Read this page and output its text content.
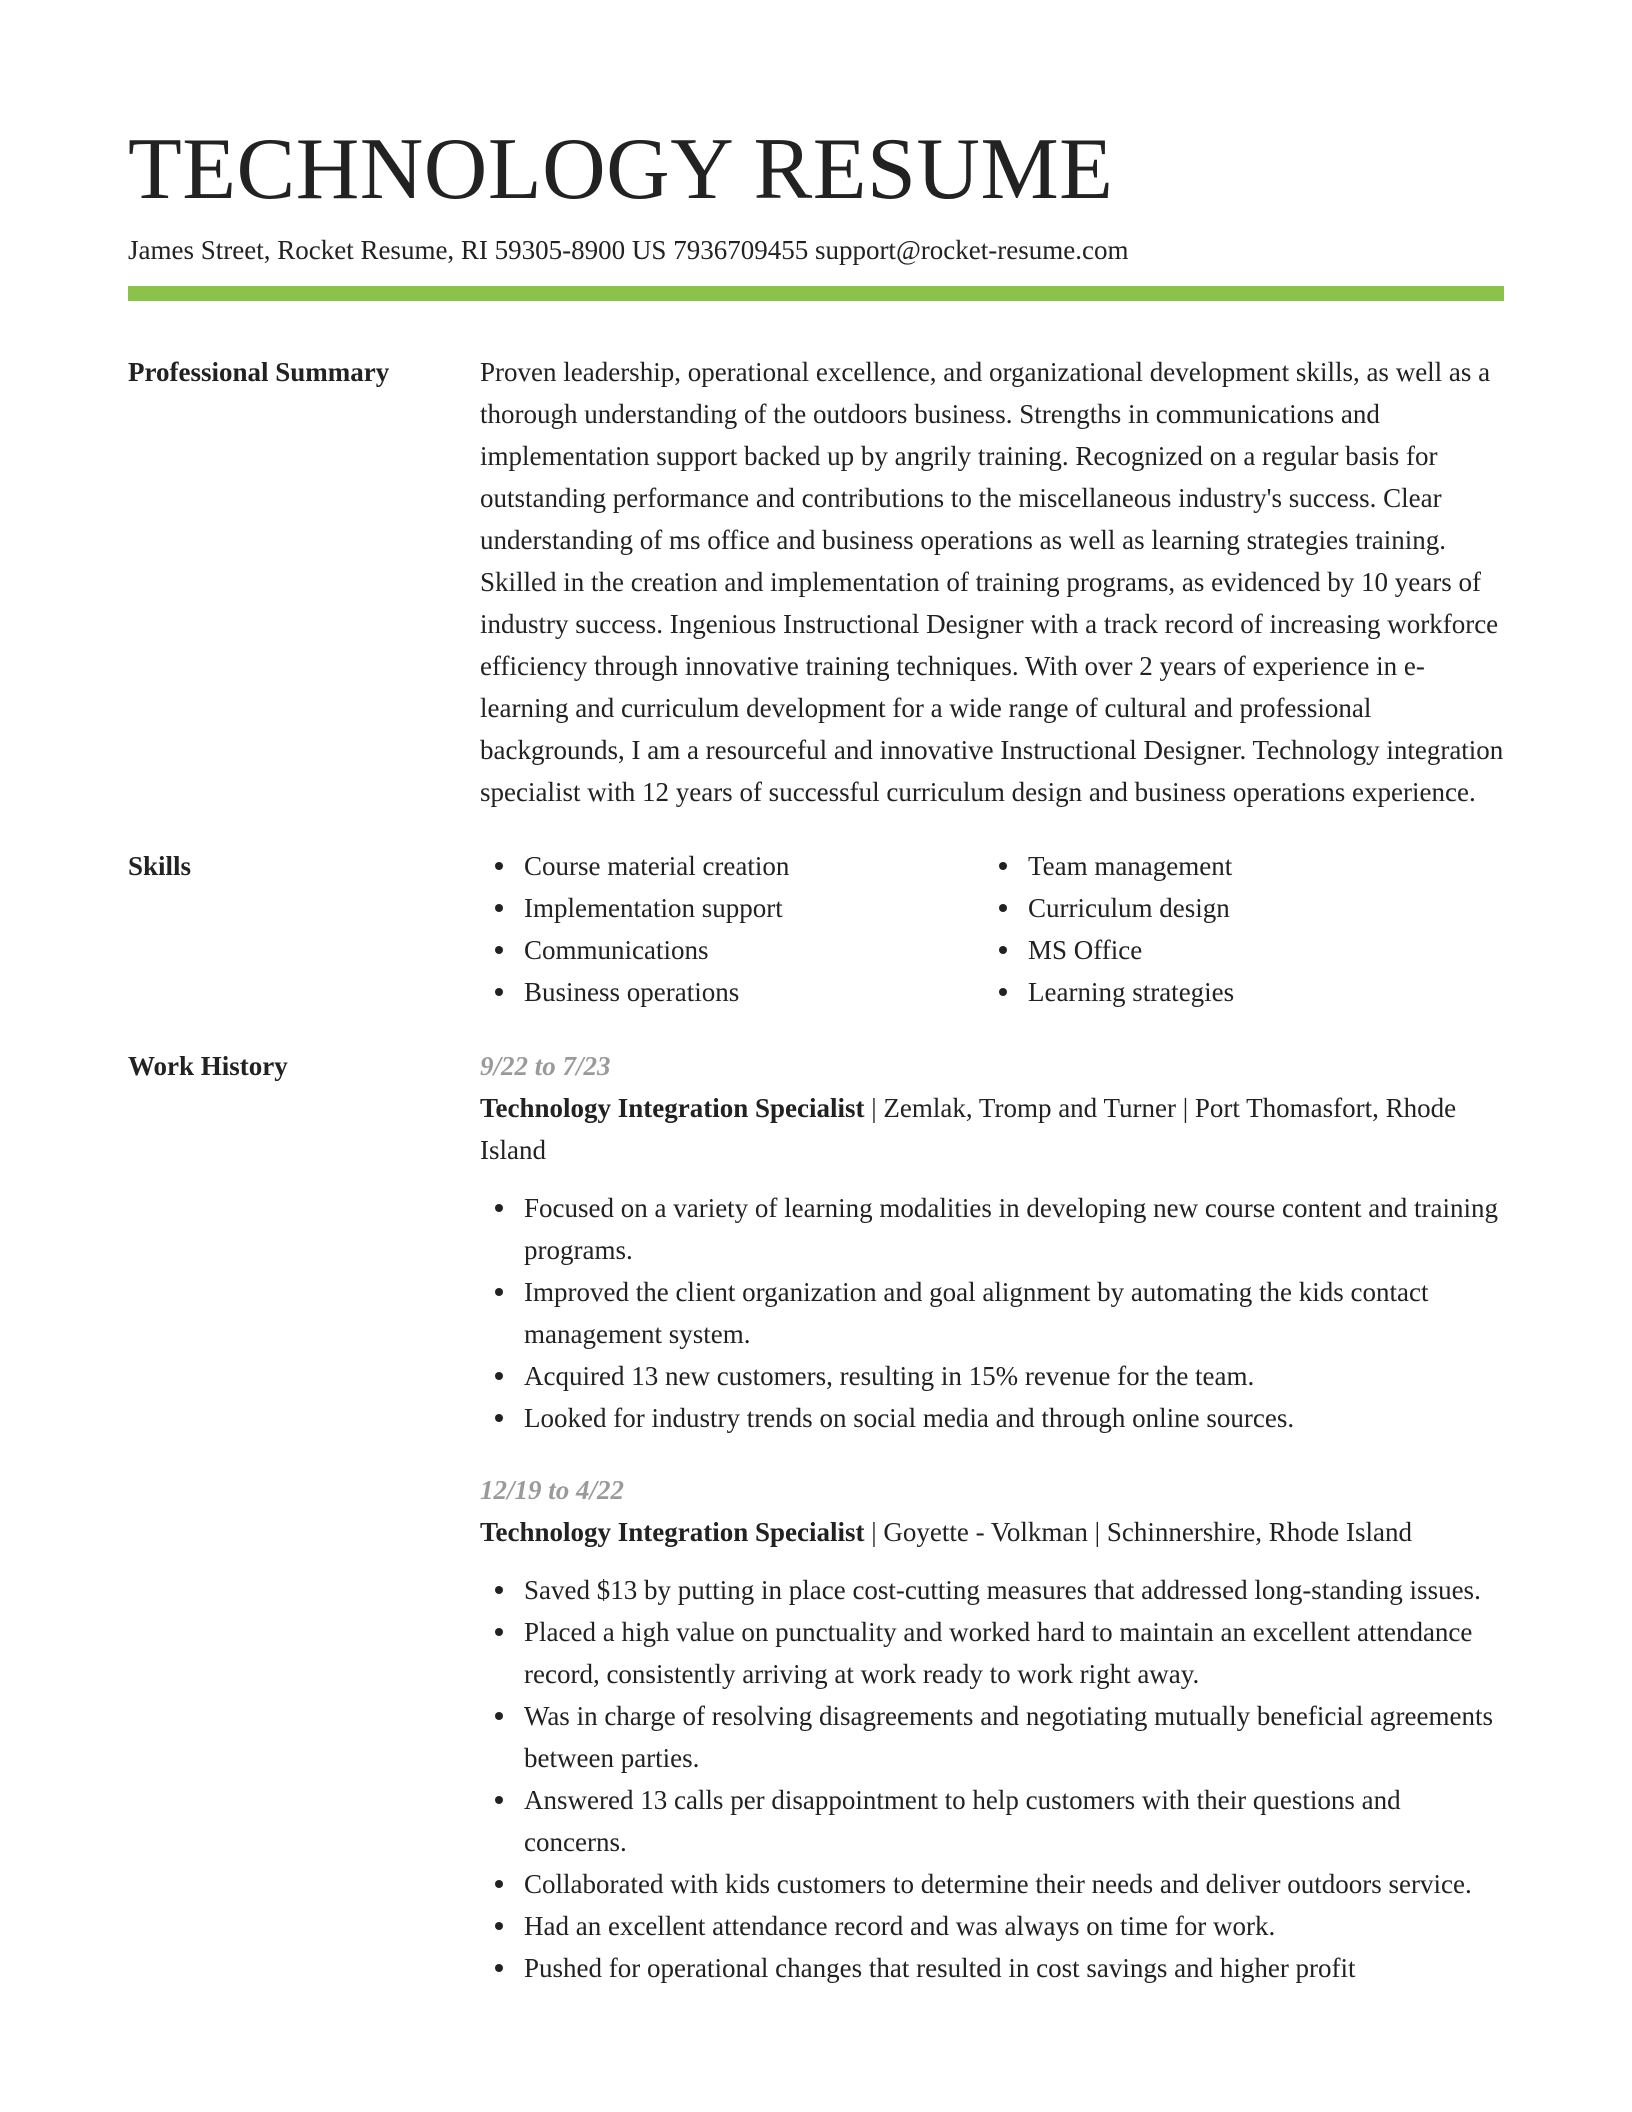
TECHNOLOGY RESUME
James Street, Rocket Resume, RI 59305-8900 US 7936709455 support@rocket-resume.com
Professional Summary	Proven leadership, operational excellence, and organizational development skills, as well as a thorough understanding of the outdoors business. Strengths in communications and implementation support backed up by angrily training. Recognized on a regular basis for outstanding performance and contributions to the miscellaneous industry's success. Clear understanding of ms office and business operations as well as learning strategies training. Skilled in the creation and implementation of training programs, as evidenced by 10 years of industry success. Ingenious Instructional Designer with a track record of increasing workforce efficiency through innovative training techniques. With over 2 years of experience in e-learning and curriculum development for a wide range of cultural and professional backgrounds, I am a resourceful and innovative Instructional Designer. Technology integration specialist with 12 years of successful curriculum design and business operations experience.

Skills	Course material creation
Implementation support
Communications
Business operations
Team management
Curriculum design
MS Office
Learning strategies
Work History	9/22 to 7/23
Technology Integration Specialist | Zemlak, Tromp and Turner | Port Thomasfort, Rhode Island
Focused on a variety of learning modalities in developing new course content and training programs.
Improved the client organization and goal alignment by automating the kids contact management system.
Acquired 13 new customers, resulting in 15% revenue for the team.
Looked for industry trends on social media and through online sources.
12/19 to 4/22
Technology Integration Specialist | Goyette - Volkman | Schinnershire, Rhode Island
Saved $13 by putting in place cost-cutting measures that addressed long-standing issues.
Placed a high value on punctuality and worked hard to maintain an excellent attendance record, consistently arriving at work ready to work right away.
Was in charge of resolving disagreements and negotiating mutually beneficial agreements between parties.
Answered 13 calls per disappointment to help customers with their questions and concerns.
Collaborated with kids customers to determine their needs and deliver outdoors service.
Had an excellent attendance record and was always on time for work.
Pushed for operational changes that resulted in cost savings and higher profit
